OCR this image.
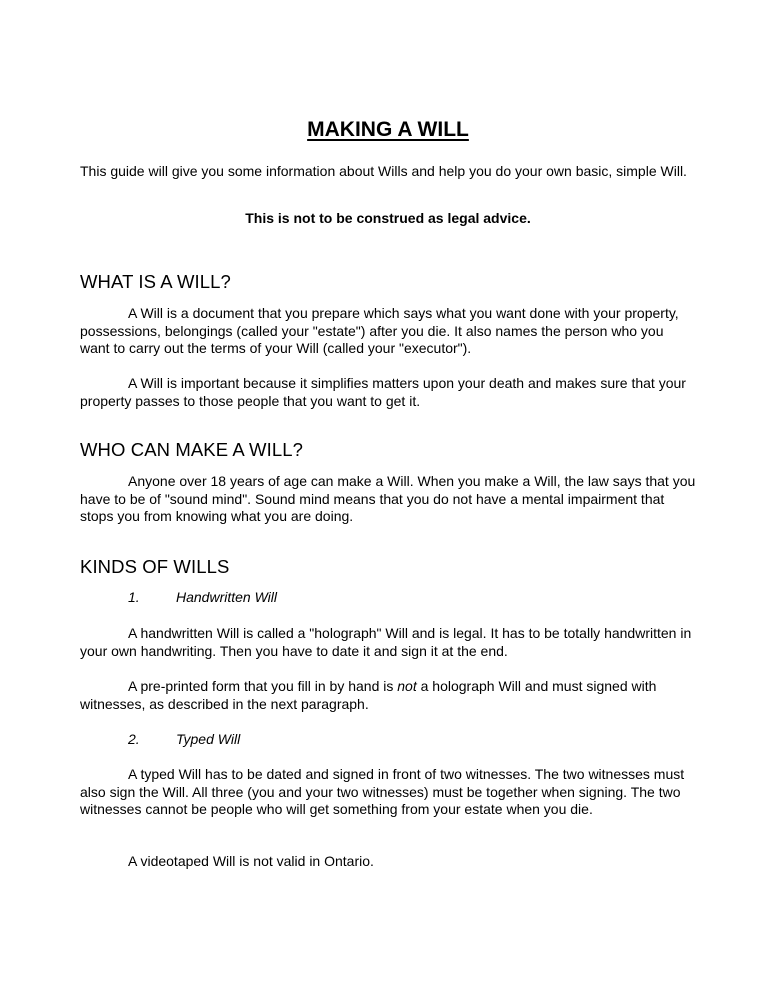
MAKING A WILL

This guide will give you some information about Wills and help you do your own basic, simple Will.

This is not to be construed as legal advice.

WHAT IS A WILL?

A Will is a document that you prepare which says what you want done with your property, possessions, belongings (called your "estate") after you die. It also names the person who you want to carry out the terms of your Will (called your "executor").

A Will is important because it simplifies matters upon your death and makes sure that your property passes to those people that you want to get it.

WHO CAN MAKE A WILL?

Anyone over 18 years of age can make a Will. When you make a Will, the law says that you have to be of "sound mind". Sound mind means that you do not have a mental impairment that stops you from knowing what you are doing.

KINDS OF WILLS

1.	Handwritten Will

A handwritten Will is called a "holograph" Will and is legal. It has to be totally handwritten in your own handwriting. Then you have to date it and sign it at the end.

A pre-printed form that you fill in by hand is not a holograph Will and must signed with witnesses, as described in the next paragraph.

2.	Typed Will

A typed Will has to be dated and signed in front of two witnesses. The two witnesses must also sign the Will. All three (you and your two witnesses) must be together when signing. The two witnesses cannot be people who will get something from your estate when you die.

A videotaped Will is not valid in Ontario.
